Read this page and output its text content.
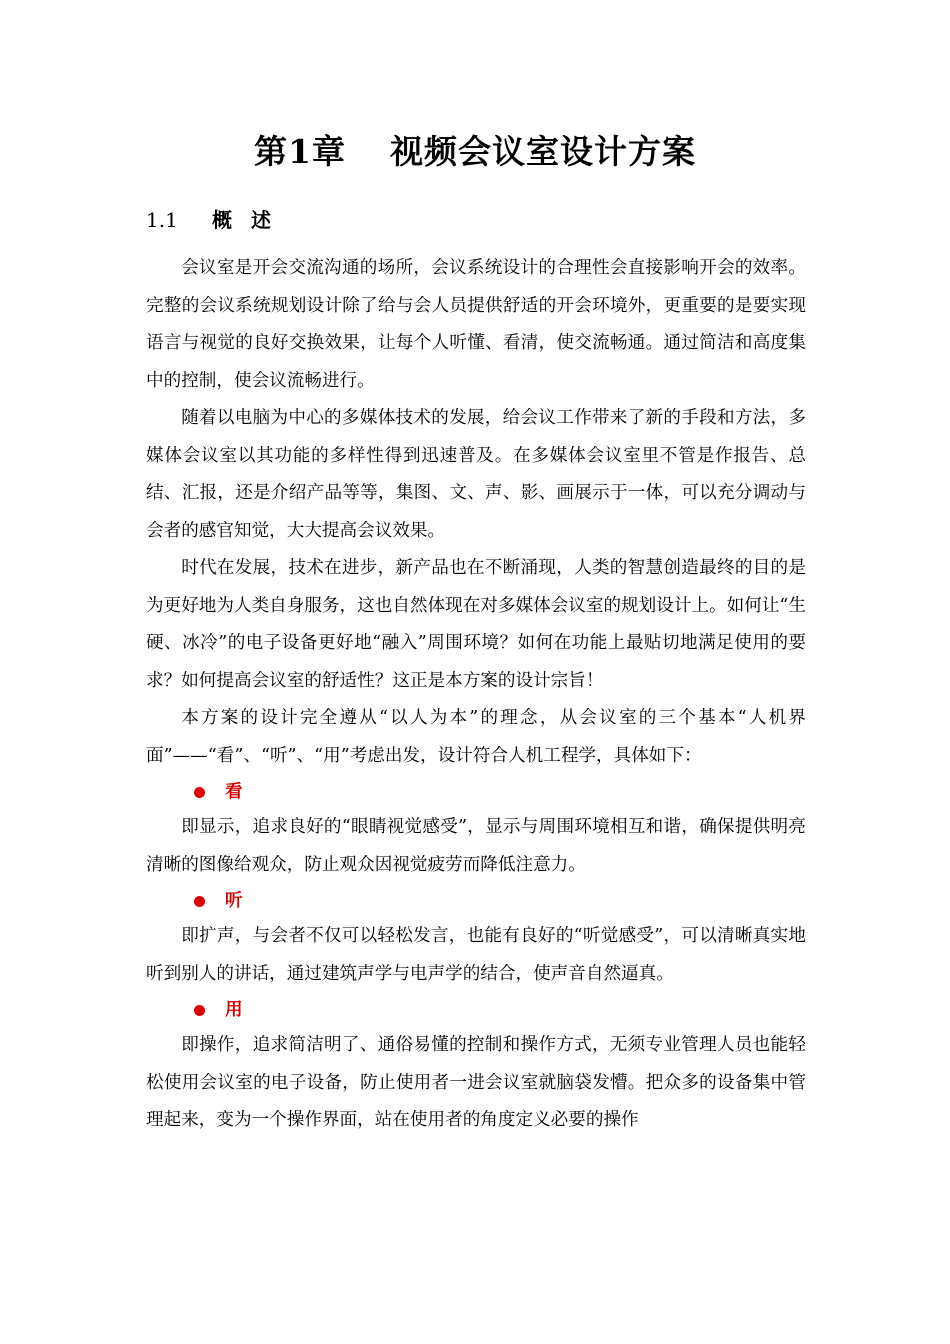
第1章 视频会议室设计方案
1.1 概 述

会议室是开会交流沟通的场所，会议系统设计的合理性会直接影响开会的效率。完整的会议系统规划设计除了给与会人员提供舒适的开会环境外，更重要的是要实现语言与视觉的良好交换效果，让每个人听懂、看清，使交流畅通。通过简洁和高度集中的控制，使会议流畅进行。

随着以电脑为中心的多媒体技术的发展，给会议工作带来了新的手段和方法，多媒体会议室以其功能的多样性得到迅速普及。在多媒体会议室里不管是作报告、总结、汇报，还是介绍产品等等，集图、文、声、影、画展示于一体，可以充分调动与会者的感官知觉，大大提高会议效果。

时代在发展，技术在进步，新产品也在不断涌现，人类的智慧创造最终的目的是为更好地为人类自身服务，这也自然体现在对多媒体会议室的规划设计上。如何让“生硬、冰冷”的电子设备更好地“融入”周围环境？如何在功能上最贴切地满足使用的要求？如何提高会议室的舒适性？这正是本方案的设计宗旨！

本方案的设计完全遵从“以人为本”的理念，从会议室的三个基本“人机界面”——“看”、“听”、“用”考虑出发，设计符合人机工程学，具体如下：

看

即显示，追求良好的“眼睛视觉感受”，显示与周围环境相互和谐，确保提供明亮清晰的图像给观众，防止观众因视觉疲劳而降低注意力。

听

即扩声，与会者不仅可以轻松发言，也能有良好的“听觉感受”，可以清晰真实地听到别人的讲话，通过建筑声学与电声学的结合，使声音自然逼真。

用

即操作，追求简洁明了、通俗易懂的控制和操作方式，无须专业管理人员也能轻松使用会议室的电子设备，防止使用者一进会议室就脑袋发懵。把众多的设备集中管理起来，变为一个操作界面，站在使用者的角度定义必要的操作
